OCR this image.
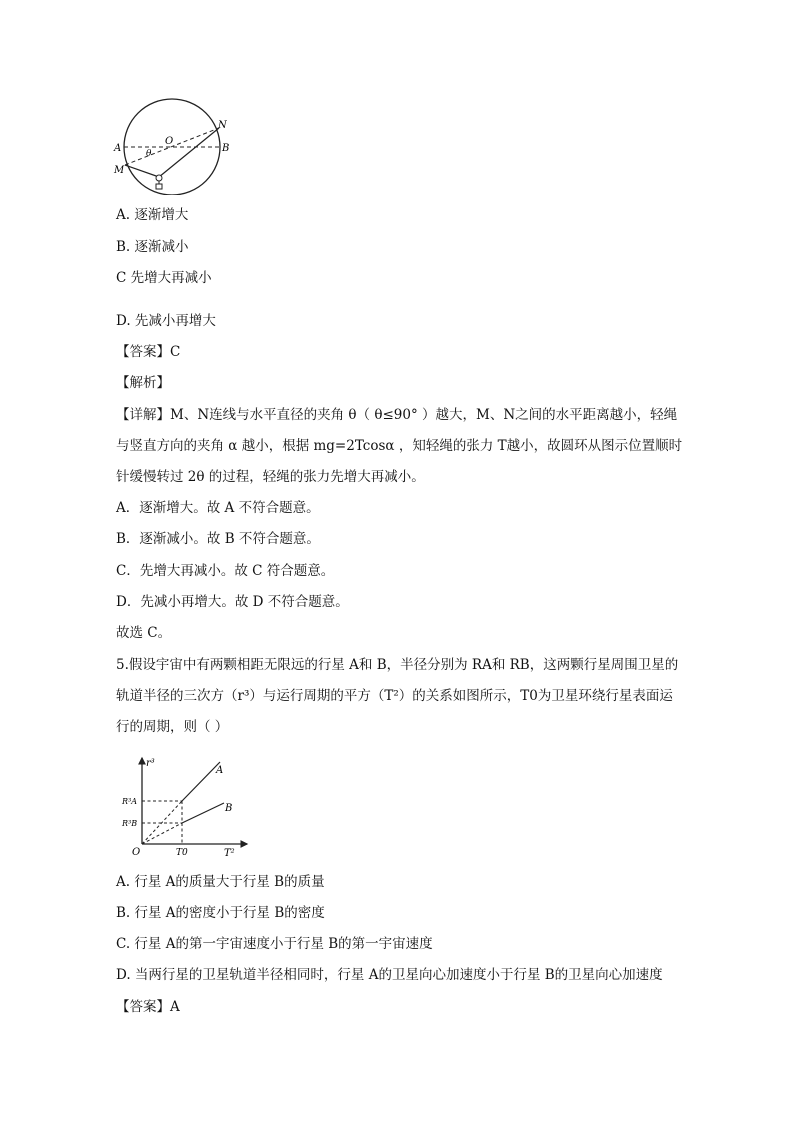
A	B
O
N
M
θ
A. 逐渐增大
B. 逐渐减小
C 先增大再减小
D. 先减小再增大
【答案】C
【解析】
【详解】M、N连线与水平直径的夹角 θ（ θ≤90° ）越大，M、N之间的水平距离越小，轻绳
与竖直方向的夹角 α 越小，根据 mg=2Tcosα ，知轻绳的张力 T越小，故圆环从图示位置顺时
针缓慢转过 2θ 的过程，轻绳的张力先增大再减小。
A．逐渐增大。故 A 不符合题意。
B．逐渐减小。故 B 不符合题意。
C．先增大再减小。故 C 符合题意。
D．先减小再增大。故 D 不符合题意。
故选 C。
5.假设宇宙中有两颗相距无限远的行星 A和 B，半径分别为 RA和 RB，这两颗行星周围卫星的
轨道半径的三次方（r³）与运行周期的平方（T²）的关系如图所示，T0为卫星环绕行星表面运
行的周期，则（ ）
r³
T²
O	T0
R³A
R³B
A
B
A. 行星 A的质量大于行星 B的质量
B. 行星 A的密度小于行星 B的密度
C. 行星 A的第一宇宙速度小于行星 B的第一宇宙速度
D. 当两行星的卫星轨道半径相同时，行星 A的卫星向心加速度小于行星 B的卫星向心加速度
【答案】A
